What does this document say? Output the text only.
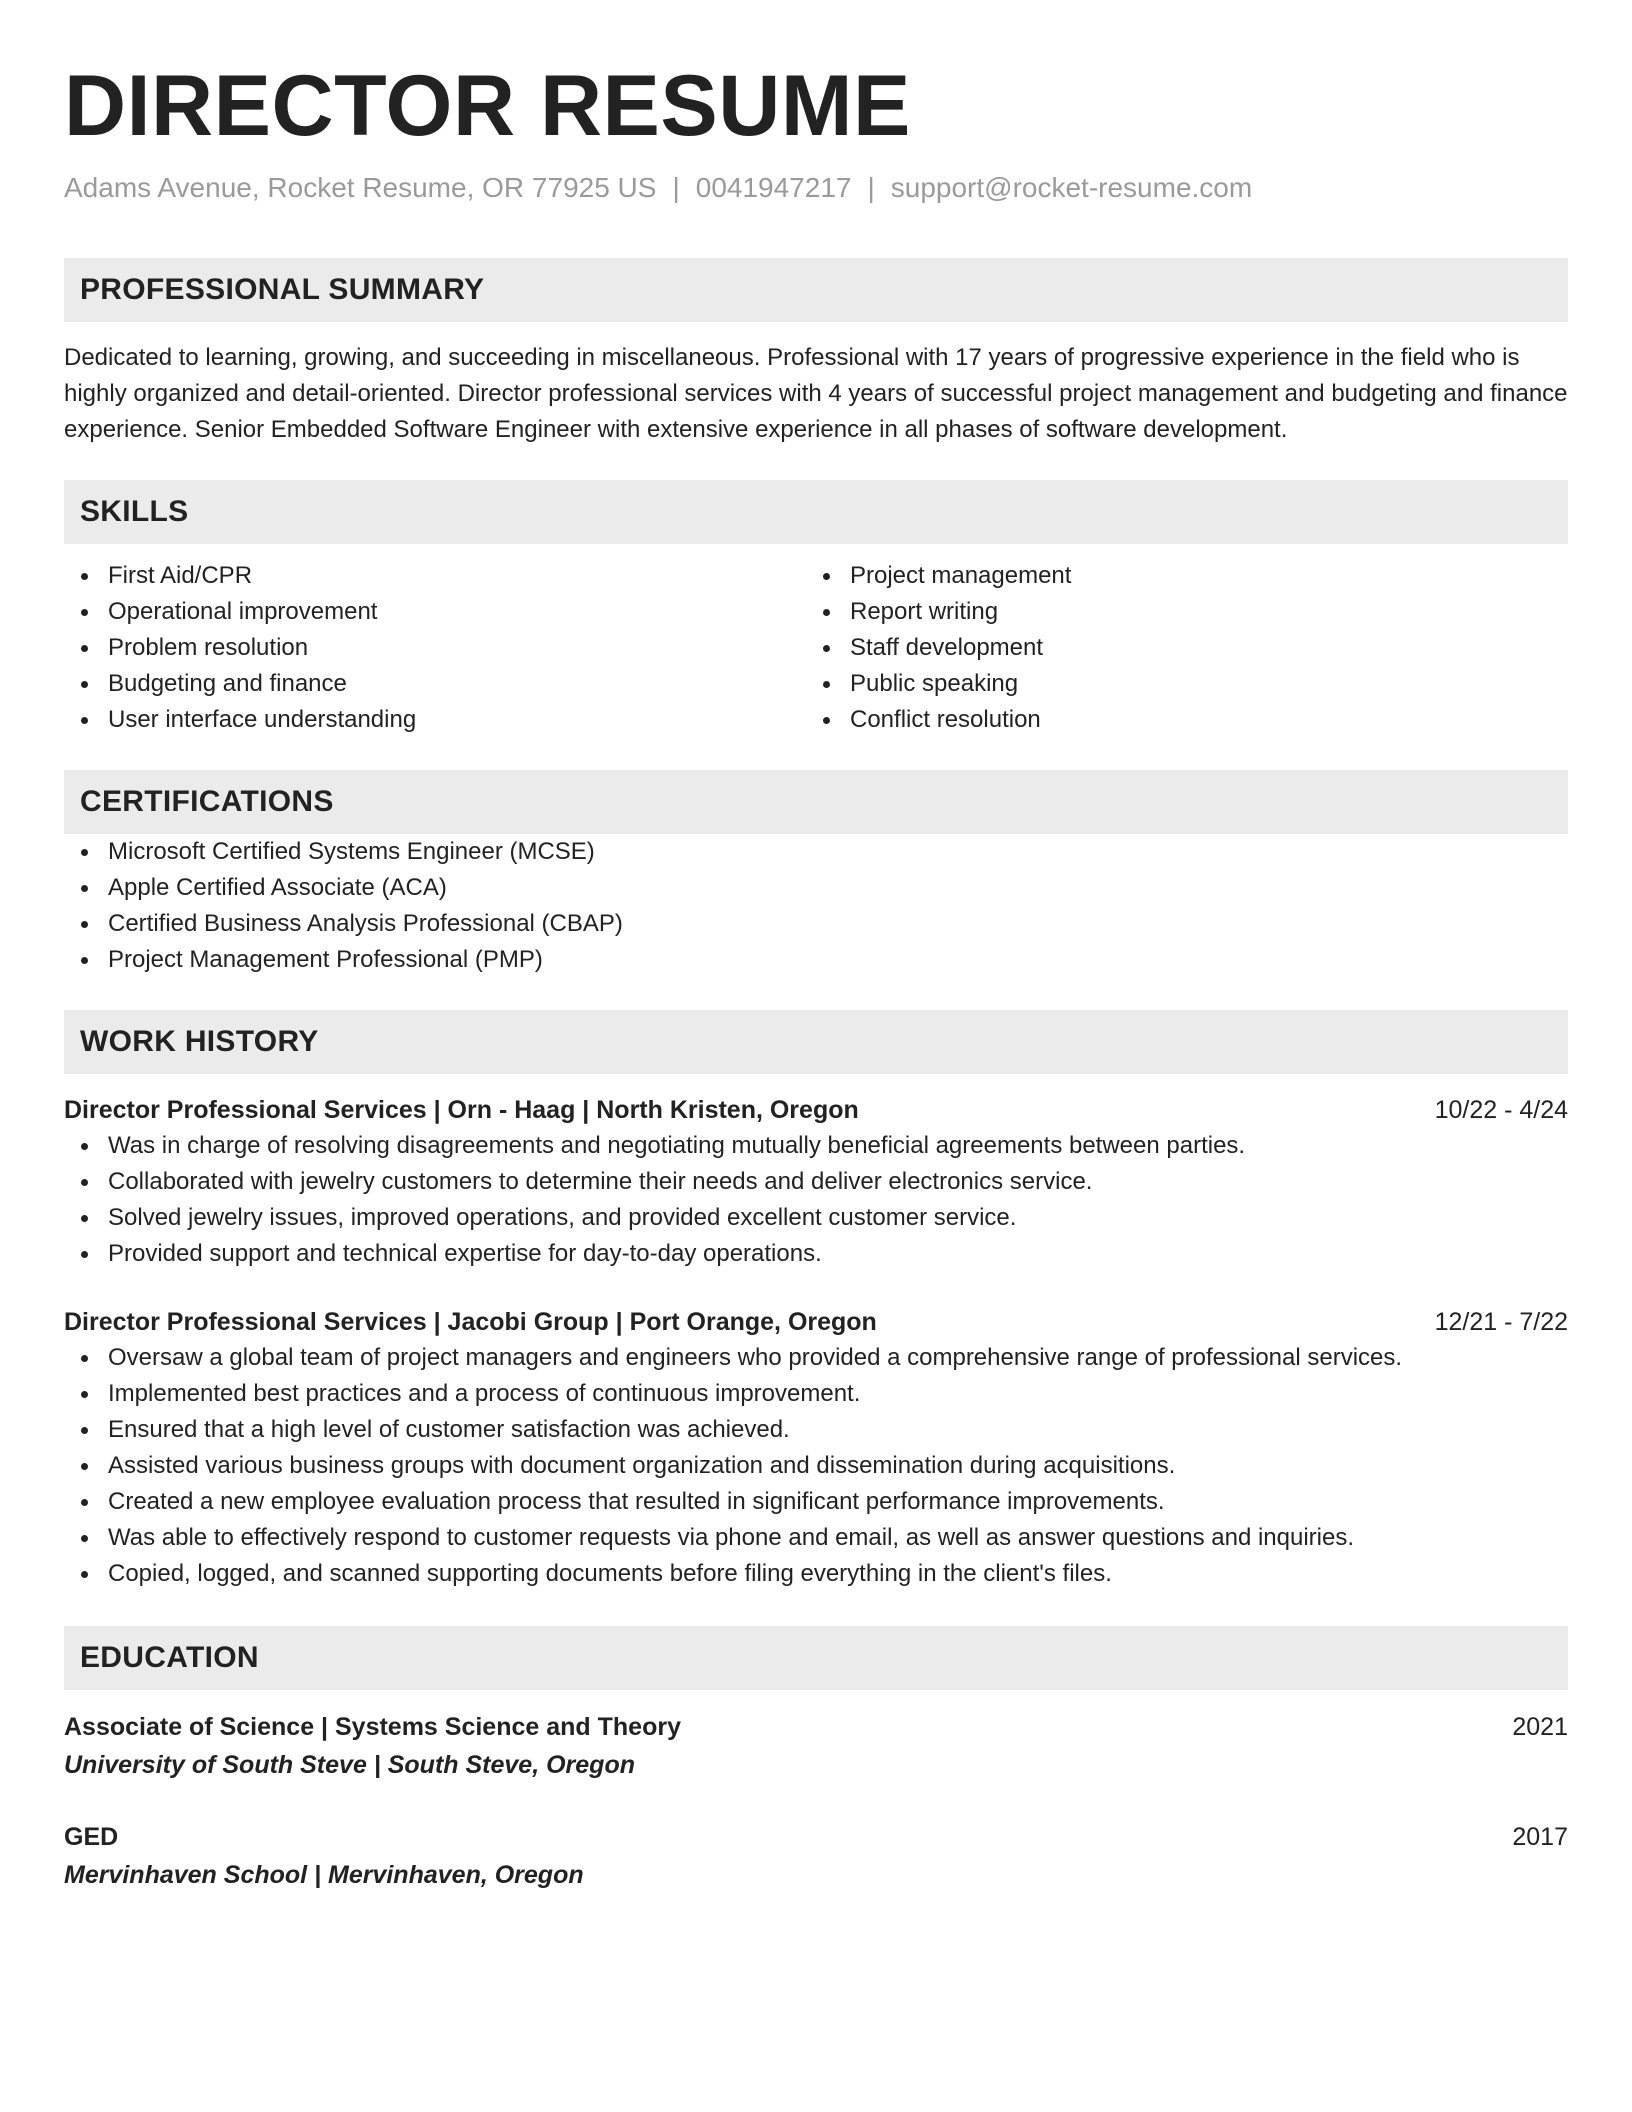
DIRECTOR RESUME
Adams Avenue, Rocket Resume, OR 77925 US | 0041947217 | support@rocket-resume.com
PROFESSIONAL SUMMARY
Dedicated to learning, growing, and succeeding in miscellaneous. Professional with 17 years of progressive experience in the field who is highly organized and detail-oriented. Director professional services with 4 years of successful project management and budgeting and finance experience. Senior Embedded Software Engineer with extensive experience in all phases of software development.
SKILLS
First Aid/CPR
Operational improvement
Problem resolution
Budgeting and finance
User interface understanding
Project management
Report writing
Staff development
Public speaking
Conflict resolution
CERTIFICATIONS
Microsoft Certified Systems Engineer (MCSE)
Apple Certified Associate (ACA)
Certified Business Analysis Professional (CBAP)
Project Management Professional (PMP)
WORK HISTORY
Director Professional Services | Orn - Haag | North Kristen, Oregon	10/22 - 4/24
Was in charge of resolving disagreements and negotiating mutually beneficial agreements between parties.
Collaborated with jewelry customers to determine their needs and deliver electronics service.
Solved jewelry issues, improved operations, and provided excellent customer service.
Provided support and technical expertise for day-to-day operations.
Director Professional Services | Jacobi Group | Port Orange, Oregon	12/21 - 7/22
Oversaw a global team of project managers and engineers who provided a comprehensive range of professional services.
Implemented best practices and a process of continuous improvement.
Ensured that a high level of customer satisfaction was achieved.
Assisted various business groups with document organization and dissemination during acquisitions.
Created a new employee evaluation process that resulted in significant performance improvements.
Was able to effectively respond to customer requests via phone and email, as well as answer questions and inquiries.
Copied, logged, and scanned supporting documents before filing everything in the client's files.
EDUCATION
Associate of Science | Systems Science and Theory	2021
University of South Steve | South Steve, Oregon
GED	2017
Mervinhaven School | Mervinhaven, Oregon
